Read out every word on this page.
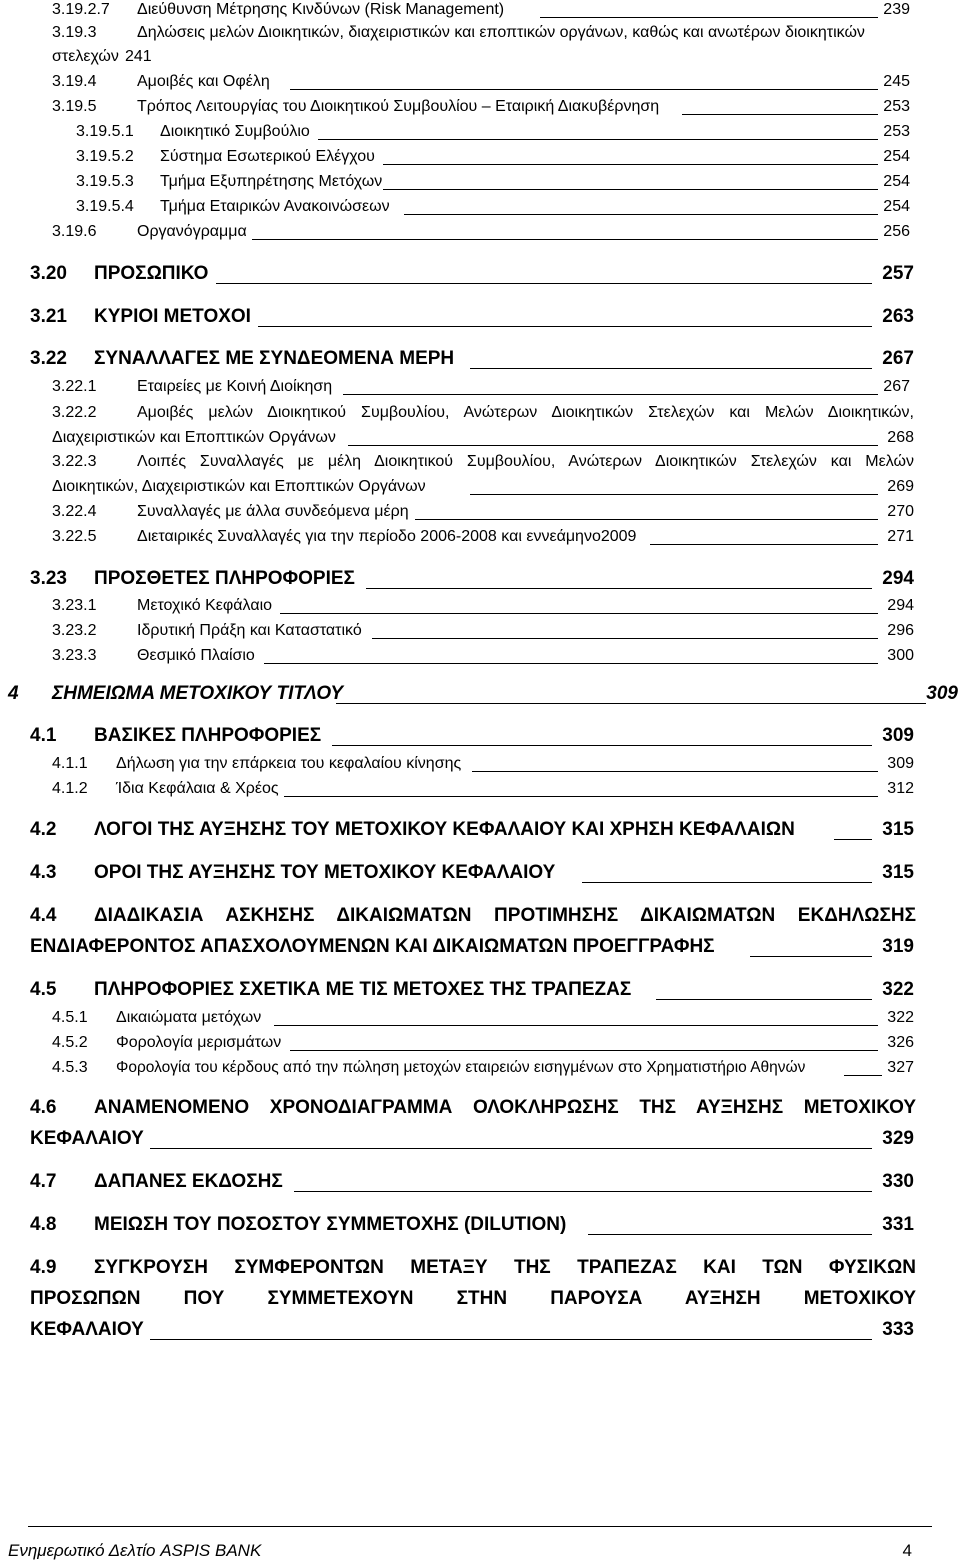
3.19.2.7 Διεύθυνση Μέτρησης Κινδύνων (Risk Management)	239
3.19.3	Δηλώσεις μελών Διοικητικών, διαχειριστικών και εποπτικών οργάνων, καθώς και ανωτέρων διοικητικών
στελεχών 241
3.19.4	Αμοιβές και Οφέλη	245
3.19.5	Τρόπος Λειτουργίας του Διοικητικού Συμβουλίου – Εταιρική Διακυβέρνηση	253
3.19.5.1 Διοικητικό Συμβούλιο	253
3.19.5.2 Σύστημα Εσωτερικού Ελέγχου	254
3.19.5.3 Τμήμα Εξυπηρέτησης Μετόχων	254
3.19.5.4 Τμήμα Εταιρικών Ανακοινώσεων	254
3.19.6	Οργανόγραμμα	256
3.20 ΠΡΟΣΩΠΙΚΟ	257
3.21 ΚΥΡΙΟΙ ΜΕΤΟΧΟΙ	263
3.22 ΣΥΝΑΛΛΑΓΕΣ ΜΕ ΣΥΝΔΕΟΜΕΝΑ ΜΕΡΗ	267
3.22.1	Εταιρείες με Κοινή Διοίκηση	267
3.22.2	Αμοιβές μελών Διοικητικού Συμβουλίου, Ανώτερων Διοικητικών Στελεχών και Μελών Διοικητικών,
Διαχειριστικών και Εποπτικών Οργάνων	268
3.22.3	Λοιπές Συναλλαγές με μέλη Διοικητικού Συμβουλίου, Ανώτερων Διοικητικών Στελεχών και Μελών
Διοικητικών, Διαχειριστικών και Εποπτικών Οργάνων	269
3.22.4	Συναλλαγές με άλλα συνδεόμενα μέρη	270
3.22.5	Διεταιρικές Συναλλαγές για την περίοδο 2006-2008 και εννεάμηνο2009	271
3.23 ΠΡΟΣΘΕΤΕΣ ΠΛΗΡΟΦΟΡΙΕΣ	294
3.23.1	Μετοχικό Κεφάλαιο	294
3.23.2	Ιδρυτική Πράξη και Καταστατικό	296
3.23.3	Θεσμικό Πλαίσιο	300
4 ΣΗΜΕΙΩΜΑ ΜΕΤΟΧΙΚΟΥ ΤΙΤΛΟΥ	309
4.1 ΒΑΣΙΚΕΣ ΠΛΗΡΟΦΟΡΙΕΣ	309
4.1.1 Δήλωση για την επάρκεια του κεφαλαίου κίνησης	309
4.1.2 Ίδια Κεφάλαια & Χρέος	312
4.2 ΛΟΓΟΙ ΤΗΣ ΑΥΞΗΣΗΣ ΤΟΥ ΜΕΤΟΧΙΚΟΥ ΚΕΦΑΛΑΙΟΥ ΚΑΙ ΧΡΗΣΗ ΚΕΦΑΛΑΙΩΝ	315
4.3 ΟΡΟΙ ΤΗΣ ΑΥΞΗΣΗΣ ΤΟΥ ΜΕΤΟΧΙΚΟΥ ΚΕΦΑΛΑΙΟΥ	315
4.4 ΔΙΑΔΙΚΑΣΙΑ ΑΣΚΗΣΗΣ ΔΙΚΑΙΩΜΑΤΩΝ ΠΡΟΤΙΜΗΣΗΣ ΔΙΚΑΙΩΜΑΤΩΝ ΕΚΔΗΛΩΣΗΣ
ΕΝΔΙΑΦΕΡΟΝΤΟΣ ΑΠΑΣΧΟΛΟΥΜΕΝΩΝ ΚΑΙ ΔΙΚΑΙΩΜΑΤΩΝ ΠΡΟΕΓΓΡΑΦΗΣ	319
4.5 ΠΛΗΡΟΦΟΡΙΕΣ ΣΧΕΤΙΚΑ ΜΕ ΤΙΣ ΜΕΤΟΧΕΣ ΤΗΣ ΤΡΑΠΕΖΑΣ	322
4.5.1 Δικαιώματα μετόχων	322
4.5.2 Φορολογία μερισμάτων	326
4.5.3 Φορολογία του κέρδους από την πώληση μετοχών εταιρειών εισηγμένων στο Χρηματιστήριο Αθηνών	327
4.6 ΑΝΑΜΕΝΟΜΕΝΟ ΧΡΟΝΟΔΙΑΓΡΑΜΜΑ ΟΛΟΚΛΗΡΩΣΗΣ ΤΗΣ ΑΥΞΗΣΗΣ ΜΕΤΟΧΙΚΟΥ
ΚΕΦΑΛΑΙΟΥ	329
4.7 ΔΑΠΑΝΕΣ ΕΚΔΟΣΗΣ	330
4.8 ΜΕΙΩΣΗ ΤΟΥ ΠΟΣΟΣΤΟΥ ΣΥΜΜΕΤΟΧΗΣ (DILUTION)	331
4.9 ΣΥΓΚΡΟΥΣΗ ΣΥΜΦΕΡΟΝΤΩΝ ΜΕΤΑΞΥ ΤΗΣ ΤΡΑΠΕΖΑΣ ΚΑΙ ΤΩΝ ΦΥΣΙΚΩΝ
ΠΡΟΣΩΠΩΝ ΠΟΥ ΣΥΜΜΕΤΕΧΟΥΝ ΣΤΗΝ ΠΑΡΟΥΣΑ ΑΥΞΗΣΗ ΜΕΤΟΧΙΚΟΥ
ΚΕΦΑΛΑΙΟΥ	333
Ενημερωτικό Δελτίο ASPIS BANK	4
